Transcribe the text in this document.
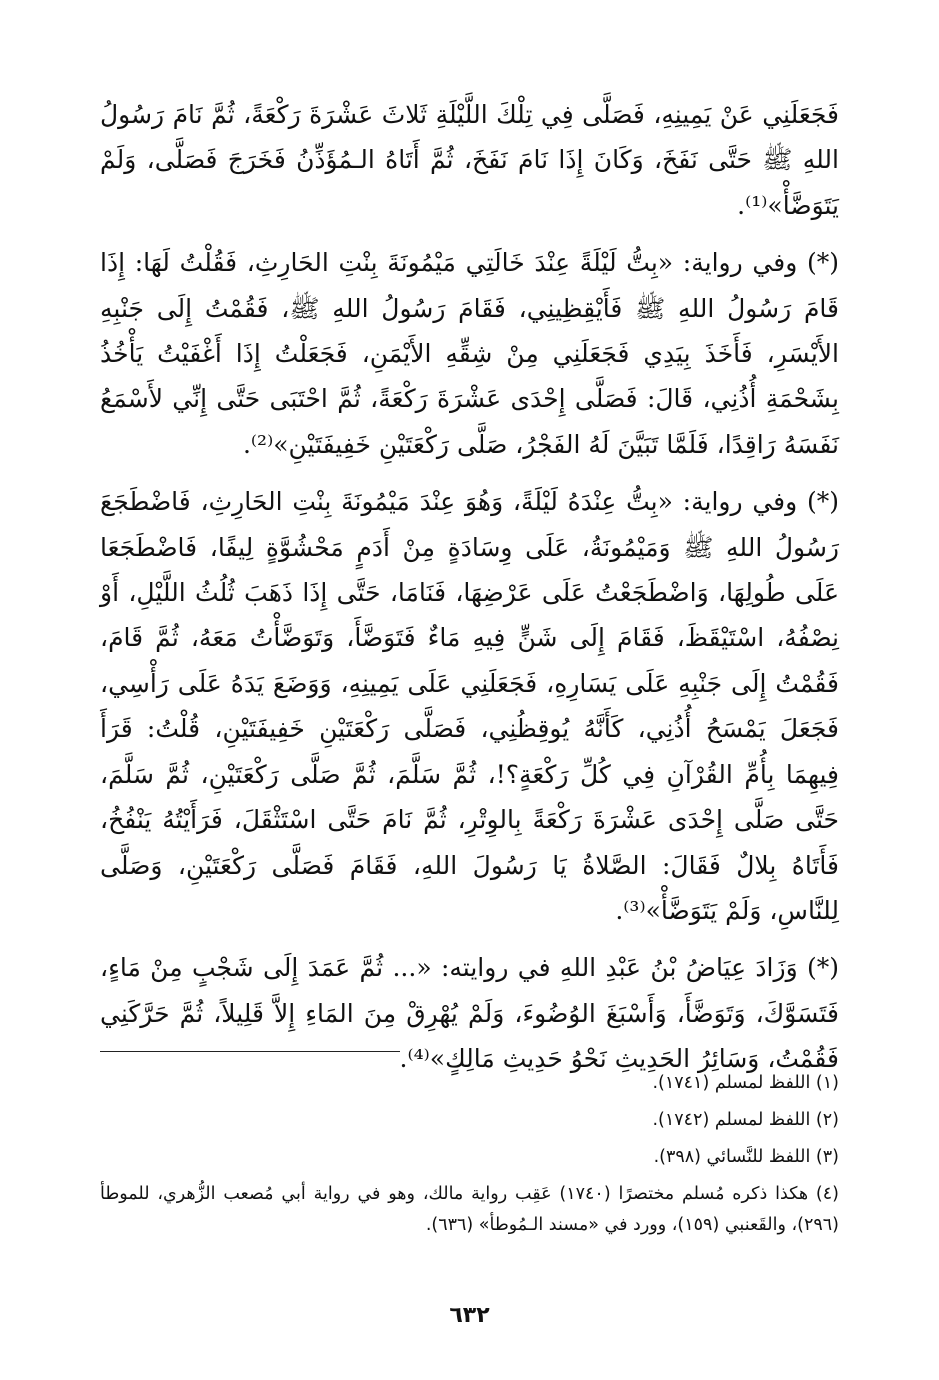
فَجَعَلَنِي عَنْ يَمِينِهِ، فَصَلَّى فِي تِلْكَ اللَّيْلَةِ ثَلاثَ عَشْرَةَ رَكْعَةً، ثُمَّ نَامَ رَسُولُ اللهِ ﷺ حَتَّى نَفَخَ، وَكَانَ إِذَا نَامَ نَفَخَ، ثُمَّ أَتَاهُ الـمُؤَذِّنُ فَخَرَجَ فَصَلَّى، وَلَمْ يَتَوَضَّأْ»⁽¹⁾.

(*) وفي رواية: «بِتُّ لَيْلَةً عِنْدَ خَالَتِي مَيْمُونَةَ بِنْتِ الحَارِثِ، فَقُلْتُ لَهَا: إِذَا قَامَ رَسُولُ اللهِ ﷺ فَأَيْقِظِينِي، فَقَامَ رَسُولُ اللهِ ﷺ، فَقُمْتُ إِلَى جَنْبِهِ الأَيْسَرِ، فَأَخَذَ بِيَدِي فَجَعَلَنِي مِنْ شِقِّهِ الأَيْمَنِ، فَجَعَلْتُ إِذَا أَغْفَيْتُ يَأْخُذُ بِشَحْمَةِ أُذُنِي، قَالَ: فَصَلَّى إِحْدَى عَشْرَةَ رَكْعَةً، ثُمَّ احْتَبَى حَتَّى إِنِّي لأَسْمَعُ نَفَسَهُ رَاقِدًا، فَلَمَّا تَبَيَّنَ لَهُ الفَجْرُ، صَلَّى رَكْعَتَيْنِ خَفِيفَتَيْنِ»⁽²⁾.

(*) وفي رواية: «بِتُّ عِنْدَهُ لَيْلَةً، وَهُوَ عِنْدَ مَيْمُونَةَ بِنْتِ الحَارِثِ، فَاضْطَجَعَ رَسُولُ اللهِ ﷺ وَمَيْمُونَةُ، عَلَى وِسَادَةٍ مِنْ أَدَمٍ مَحْشُوَّةٍ لِيفًا، فَاضْطَجَعَا عَلَى طُولِهَا، وَاضْطَجَعْتُ عَلَى عَرْضِهَا، فَنَامَا، حَتَّى إِذَا ذَهَبَ ثُلُثُ اللَّيْلِ، أَوْ نِصْفُهُ، اسْتَيْقَظَ، فَقَامَ إِلَى شَنٍّ فِيهِ مَاءٌ فَتَوَضَّأَ، وَتَوَضَّأْتُ مَعَهُ، ثُمَّ قَامَ، فَقُمْتُ إِلَى جَنْبِهِ عَلَى يَسَارِهِ، فَجَعَلَنِي عَلَى يَمِينِهِ، وَوَضَعَ يَدَهُ عَلَى رَأْسِي، فَجَعَلَ يَمْسَحُ أُذُنِي، كَأَنَّهُ يُوقِظُنِي، فَصَلَّى رَكْعَتَيْنِ خَفِيفَتَيْنِ، قُلْتُ: قَرَأَ فِيهِمَا بِأُمِّ القُرْآنِ فِي كُلِّ رَكْعَةٍ؟!، ثُمَّ سَلَّمَ، ثُمَّ صَلَّى رَكْعَتَيْنِ، ثُمَّ سَلَّمَ، حَتَّى صَلَّى إِحْدَى عَشْرَةَ رَكْعَةً بِالوِتْرِ، ثُمَّ نَامَ حَتَّى اسْتَثْقَلَ، فَرَأَيْتُهُ يَنْفُخُ، فَأَتَاهُ بِلالٌ فَقَالَ: الصَّلاةُ يَا رَسُولَ اللهِ، فَقَامَ فَصَلَّى رَكْعَتَيْنِ، وَصَلَّى لِلنَّاسِ، وَلَمْ يَتَوَضَّأْ»⁽³⁾.

(*) وَزَادَ عِيَاضُ بْنُ عَبْدِ اللهِ في روايته: «... ثُمَّ عَمَدَ إِلَى شَجْبٍ مِنْ مَاءٍ، فَتَسَوَّكَ، وَتَوَضَّأَ، وَأَسْبَغَ الوُضُوءَ، وَلَمْ يُهْرِقْ مِنَ المَاءِ إِلاَّ قَلِيلاً، ثُمَّ حَرَّكَنِي فَقُمْتُ، وَسَائِرُ الحَدِيثِ نَحْوُ حَدِيثِ مَالِكٍ»⁽⁴⁾.

(١) اللفظ لمسلم (١٧٤١).

(٢) اللفظ لمسلم (١٧٤٢).

(٣) اللفظ للنَّسائي (٣٩٨).

(٤) هكذا ذكره مُسلم مختصرًا (١٧٤٠) عَقِب رواية مالك، وهو في رواية أبي مُصعب الزُّهري، للموطأ (٢٩٦)، والقَعنبي (١٥٩)، وورد في «مسند الـمُوطأ» (٦٣٦).

٦٣٢
